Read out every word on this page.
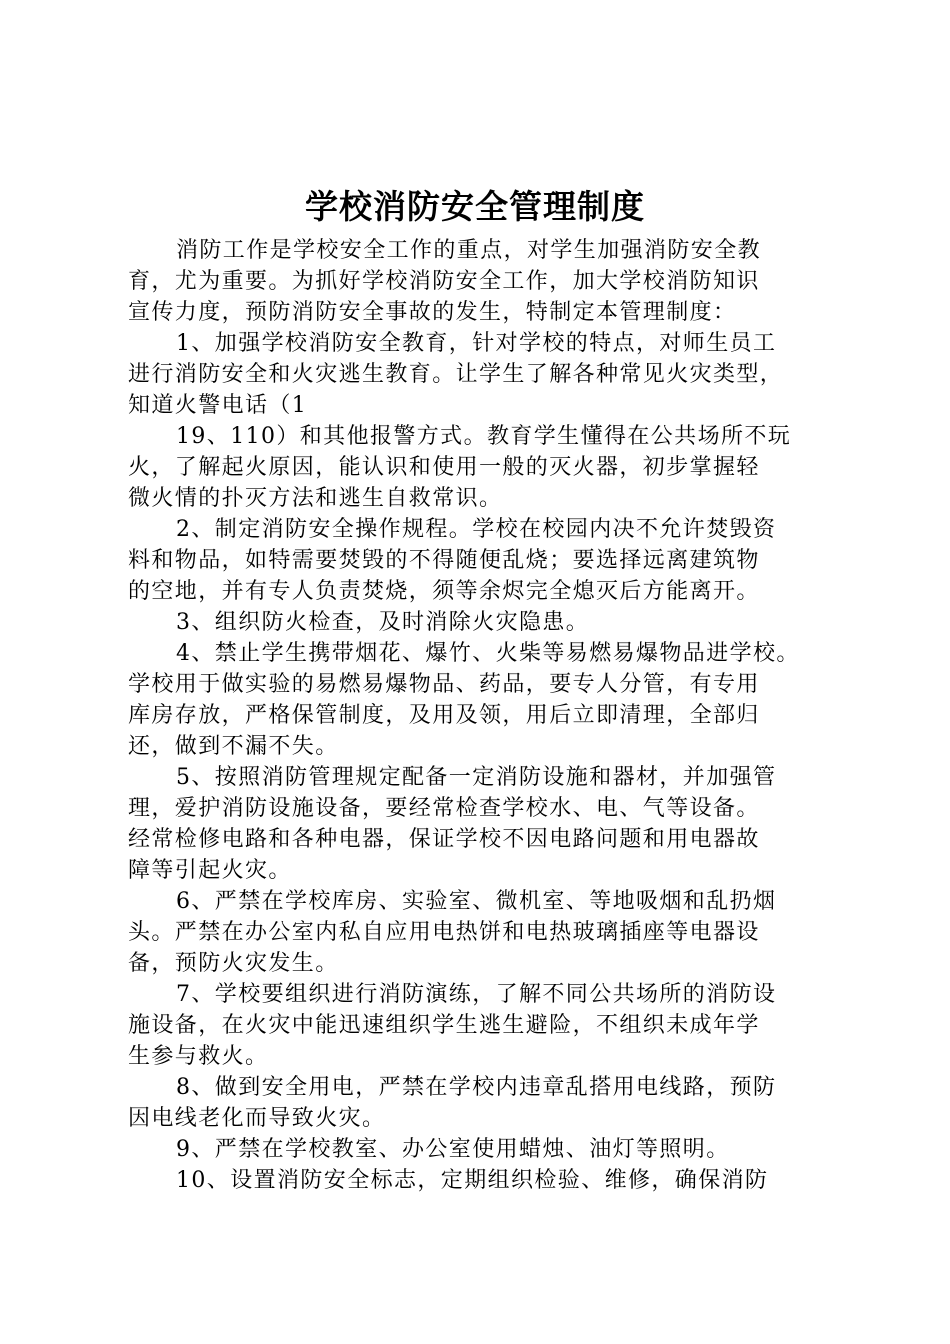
学校消防安全管理制度
消防工作是学校安全工作的重点，对学生加强消防安全教
育，尤为重要。为抓好学校消防安全工作，加大学校消防知识
宣传力度，预防消防安全事故的发生，特制定本管理制度：
1、加强学校消防安全教育，针对学校的特点，对师生员工
进行消防安全和火灾逃生教育。让学生了解各种常见火灾类型，
知道火警电话（1
19、110）和其他报警方式。教育学生懂得在公共场所不玩
火，了解起火原因，能认识和使用一般的灭火器，初步掌握轻
微火情的扑灭方法和逃生自救常识。
2、制定消防安全操作规程。学校在校园内决不允许焚毁资
料和物品，如特需要焚毁的不得随便乱烧；要选择远离建筑物
的空地，并有专人负责焚烧，须等余烬完全熄灭后方能离开。
3、组织防火检查，及时消除火灾隐患。
4、禁止学生携带烟花、爆竹、火柴等易燃易爆物品进学校。
学校用于做实验的易燃易爆物品、药品，要专人分管，有专用
库房存放，严格保管制度，及用及领，用后立即清理，全部归
还，做到不漏不失。
5、按照消防管理规定配备一定消防设施和器材，并加强管
理，爱护消防设施设备，要经常检查学校水、电、气等设备。
经常检修电路和各种电器，保证学校不因电路问题和用电器故
障等引起火灾。
6、严禁在学校库房、实验室、微机室、等地吸烟和乱扔烟
头。严禁在办公室内私自应用电热饼和电热玻璃插座等电器设
备，预防火灾发生。
7、学校要组织进行消防演练，了解不同公共场所的消防设
施设备，在火灾中能迅速组织学生逃生避险，不组织未成年学
生参与救火。
8、做到安全用电，严禁在学校内违章乱搭用电线路，预防
因电线老化而导致火灾。
9、严禁在学校教室、办公室使用蜡烛、油灯等照明。
10、设置消防安全标志，定期组织检验、维修，确保消防
